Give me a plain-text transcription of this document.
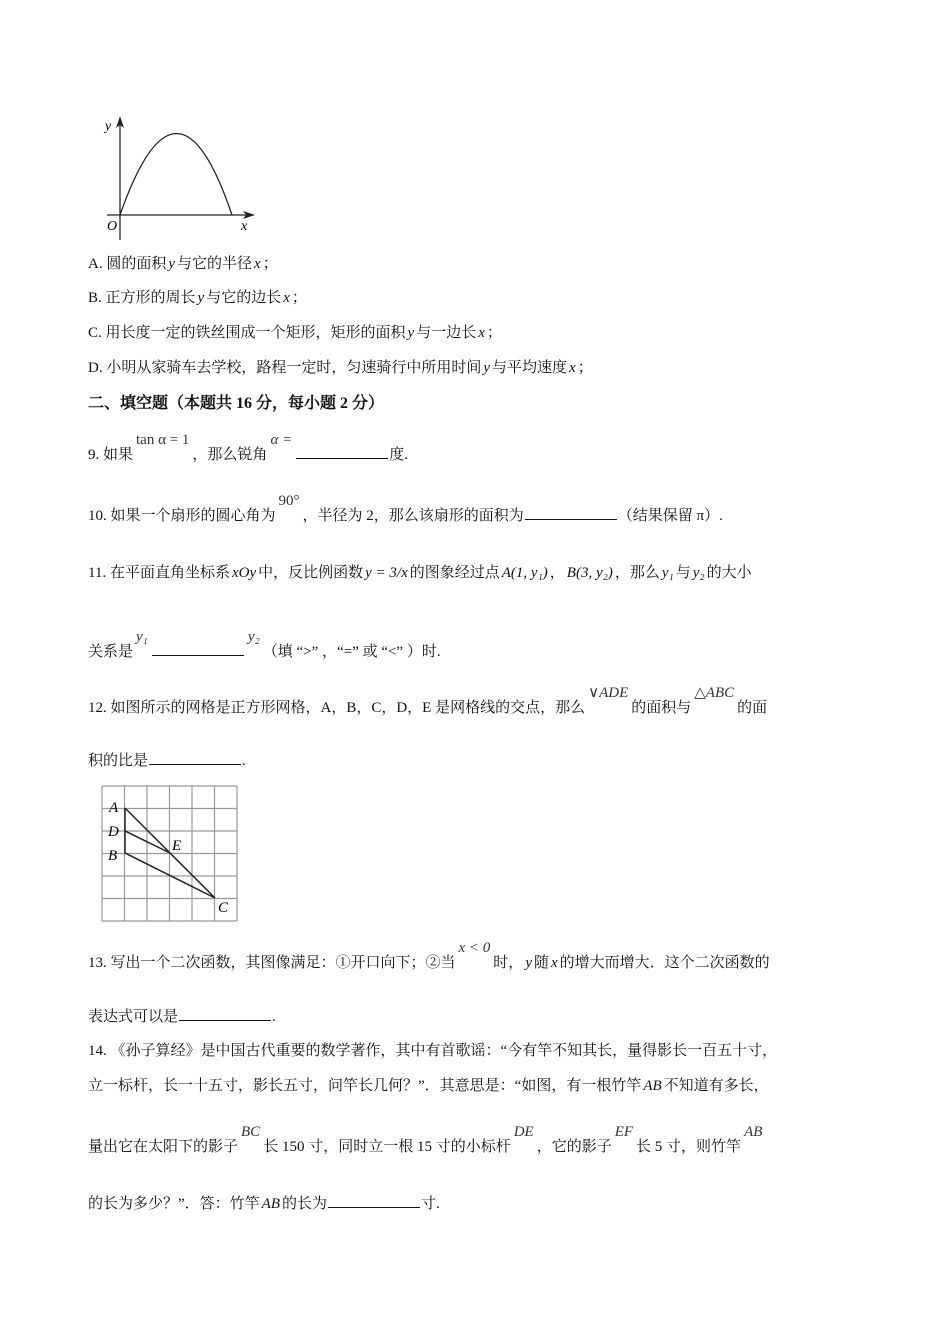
y
x
O
A. 圆的面积 y 与它的半径 x ；
B. 正方形的周长 y 与它的边长 x ；
C. 用长度一定的铁丝围成一个矩形，矩形的面积 y 与一边长 x ；
D. 小明从家骑车去学校，路程一定时，匀速骑行中所用时间 y 与平均速度 x ；
二、填空题（本题共 16 分，每小题 2 分）
9. 如果tan α = 1，那么锐角α =度.
10. 如果一个扇形的圆心角为90°，半径为 2，那么该扇形的面积为	（结果保留 π）.
11. 在平面直角坐标系 xOy 中，反比例函数 y = 3/x 的图象经过点 A(1, y₁) ， B(3, y₂) ，那么 y₁ 与 y₂ 的大小
关系是y₁	y₂（填 “>” ，“=” 或 “<” ）时.
12. 如图所示的网格是正方形网格，A，B，C，D，E 是网格线的交点，那么∨ADE的面积与△ABC的面
积的比是	.
13. 写出一个二次函数，其图像满足：①开口向下；②当x < 0时， y 随 x 的增大而增大．这个二次函数的
表达式可以是	.
14. 《孙子算经》是中国古代重要的数学著作，其中有首歌谣：“今有竿不知其长，量得影长一百五十寸，
立一标杆，长一十五寸，影长五寸，问竿长几何？”．其意思是：“如图，有一根竹竿 AB 不知道有多长，
量出它在太阳下的影子BC长 150 寸，同时立一根 15 寸的小标杆DE，它的影子EF长 5 寸，则竹竿AB
的长为多少？”．答：竹竿 AB 的长为	寸.
A
D
B
E
C
